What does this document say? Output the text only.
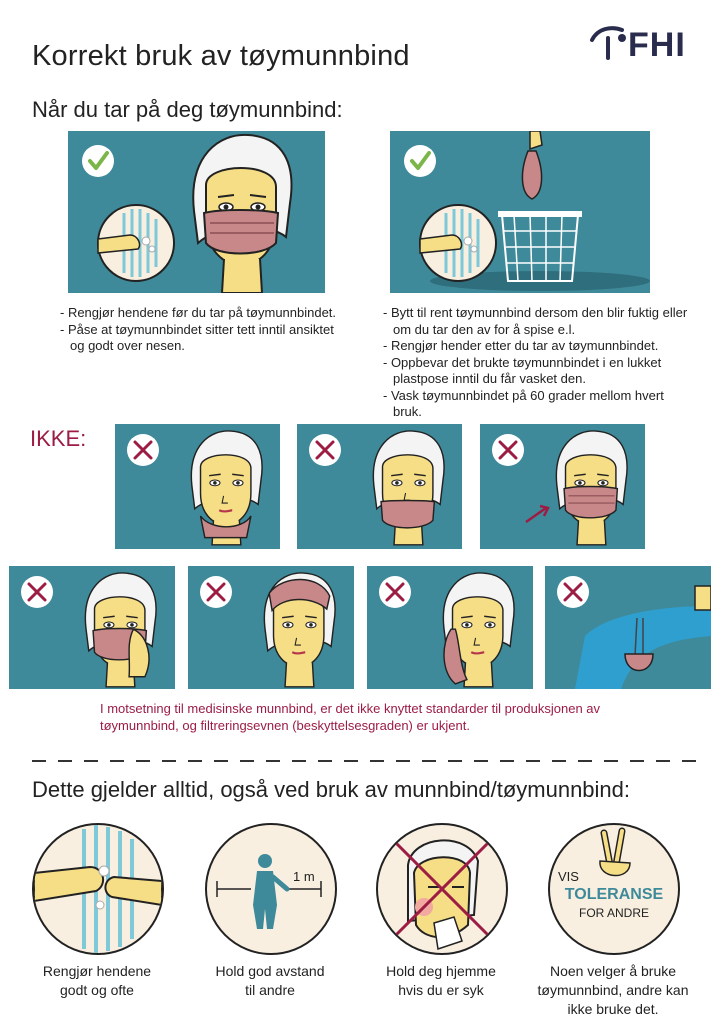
Korrekt bruk av tøymunnbind	FHI
Når du tar på deg tøymunnbind:
- Rengjør hendene før du tar på tøymunnbindet.
- Påse at tøymunnbindet sitter tett inntil ansiktet og godt over nesen.
- Bytt til rent tøymunnbind dersom den blir fuktig eller om du tar den av for å spise e.l.
- Rengjør hender etter du tar av tøymunnbindet.
- Oppbevar det brukte tøymunnbindet i en lukket plastpose inntil du får vasket den.
- Vask tøymunnbindet på 60 grader mellom hvert bruk.
IKKE:
I motsetning til medisinske munnbind, er det ikke knyttet standarder til produksjonen av tøymunnbind, og filtreringsevnen (beskyttelsesgraden) er ukjent.
Dette gjelder alltid, også ved bruk av munnbind/tøymunnbind:
1 m	VIS
TOLERANSE
FOR ANDRE
Rengjør hendene
godt og ofte
Hold god avstand
til andre
Hold deg hjemme
hvis du er syk
Noen velger å bruke
tøymunnbind, andre kan
ikke bruke det.
